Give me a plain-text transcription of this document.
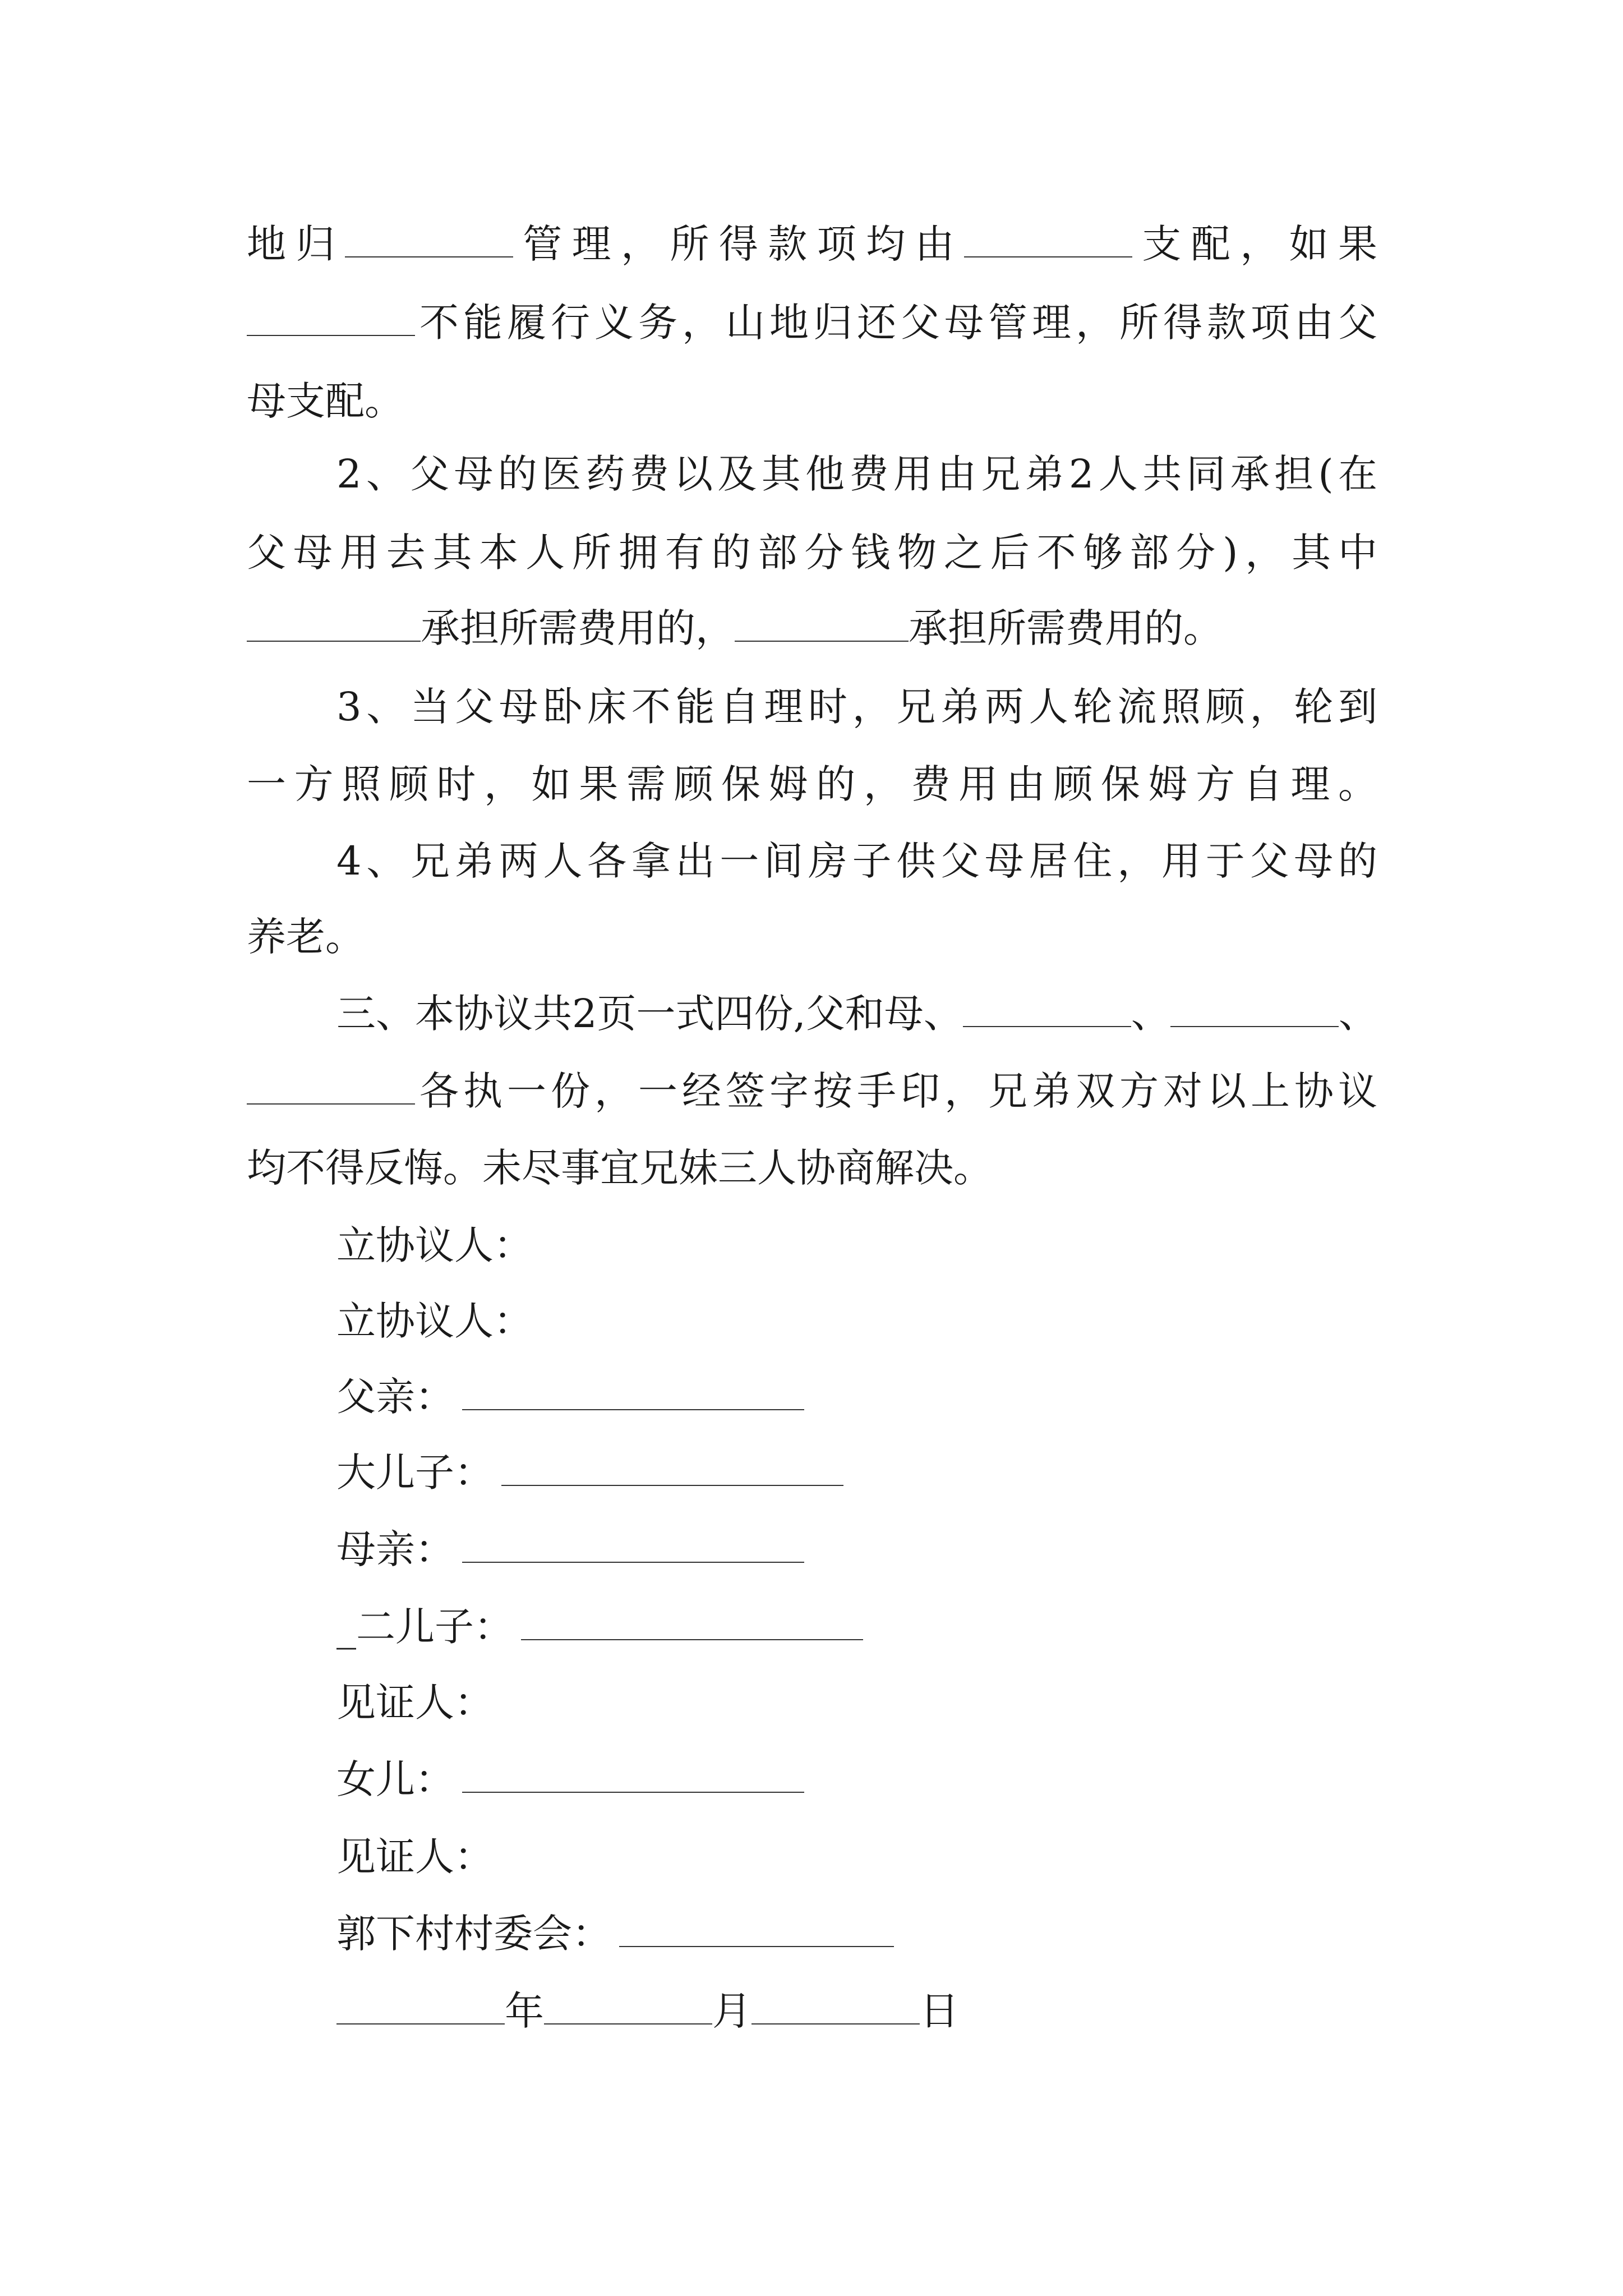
地归	管理，所得款项均由	支配，如果
不能履行义务，山地归还父母管理，所得款项由父
母支配。
2、父母的医药费以及其他费用由兄弟2人共同承担(在
父母用去其本人所拥有的部分钱物之后不够部分)，其中
承担所需费用的，	承担所需费用的。
3、当父母卧床不能自理时，兄弟两人轮流照顾，轮到
一方照顾时，如果需顾保姆的，费用由顾保姆方自理。
4、兄弟两人各拿出一间房子供父母居住，用于父母的
养老。
三、本协议共2页一式四份,父和母、	、	、
各执一份，一经签字按手印，兄弟双方对以上协议
均不得反悔。未尽事宜兄妹三人协商解决。
立协议人：
立协议人：
父亲：
大儿子：
母亲：
_二儿子：
见证人：
女儿：
见证人：
郭下村村委会：
年	月	日
